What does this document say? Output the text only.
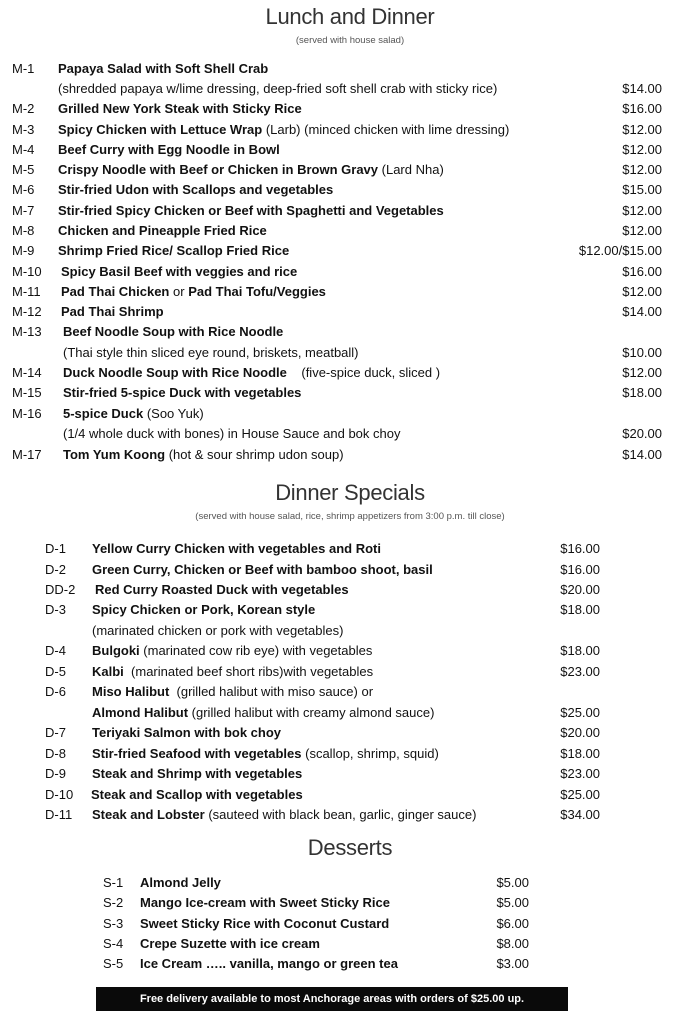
Lunch and Dinner
(served with house salad)
M-1 Papaya Salad with Soft Shell Crab
(shredded papaya w/lime dressing, deep-fried soft shell crab with sticky rice)	$14.00
M-2 Grilled New York Steak with Sticky Rice	$16.00
M-3 Spicy Chicken with Lettuce Wrap (Larb) (minced chicken with lime dressing)	$12.00
M-4 Beef Curry with Egg Noodle in Bowl	$12.00
M-5 Crispy Noodle with Beef or Chicken in Brown Gravy (Lard Nha)	$12.00
M-6 Stir-fried Udon with Scallops and vegetables	$15.00
M-7 Stir-fried Spicy Chicken or Beef with Spaghetti and Vegetables	$12.00
M-8 Chicken and Pineapple Fried Rice	$12.00
M-9 Shrimp Fried Rice/ Scallop Fried Rice	$12.00/$15.00
M-10 Spicy Basil Beef with veggies and rice	$16.00
M-11 Pad Thai Chicken or Pad Thai Tofu/Veggies	$12.00
M-12 Pad Thai Shrimp	$14.00
M-13 Beef Noodle Soup with Rice Noodle
(Thai style thin sliced eye round, briskets, meatball)	$10.00
M-14 Duck Noodle Soup with Rice Noodle (five-spice duck, sliced )	$12.00
M-15 Stir-fried 5-spice Duck with vegetables	$18.00
M-16 5-spice Duck (Soo Yuk)
(1/4 whole duck with bones) in House Sauce and bok choy	$20.00
M-17 Tom Yum Koong (hot & sour shrimp udon soup)	$14.00
Dinner Specials
(served with house salad, rice, shrimp appetizers from 3:00 p.m. till close)
D-1 Yellow Curry Chicken with vegetables and Roti	$16.00
D-2 Green Curry, Chicken or Beef with bamboo shoot, basil	$16.00
DD-2 Red Curry Roasted Duck with vegetables	$20.00
D-3 Spicy Chicken or Pork, Korean style	$18.00
(marinated chicken or pork with vegetables)
D-4 Bulgoki (marinated cow rib eye) with vegetables	$18.00
D-5 Kalbi (marinated beef short ribs)with vegetables	$23.00
D-6 Miso Halibut (grilled halibut with miso sauce) or
Almond Halibut (grilled halibut with creamy almond sauce)	$25.00
D-7 Teriyaki Salmon with bok choy	$20.00
D-8 Stir-fried Seafood with vegetables (scallop, shrimp, squid)	$18.00
D-9 Steak and Shrimp with vegetables	$23.00
D-10 Steak and Scallop with vegetables	$25.00
D-11 Steak and Lobster (sauteed with black bean, garlic, ginger sauce)	$34.00
Desserts
S-1 Almond Jelly	$5.00
S-2 Mango Ice-cream with Sweet Sticky Rice	$5.00
S-3 Sweet Sticky Rice with Coconut Custard	$6.00
S-4 Crepe Suzette with ice cream	$8.00
S-5 Ice Cream ….. vanilla, mango or green tea	$3.00
Free delivery available to most Anchorage areas with orders of $25.00 up.
